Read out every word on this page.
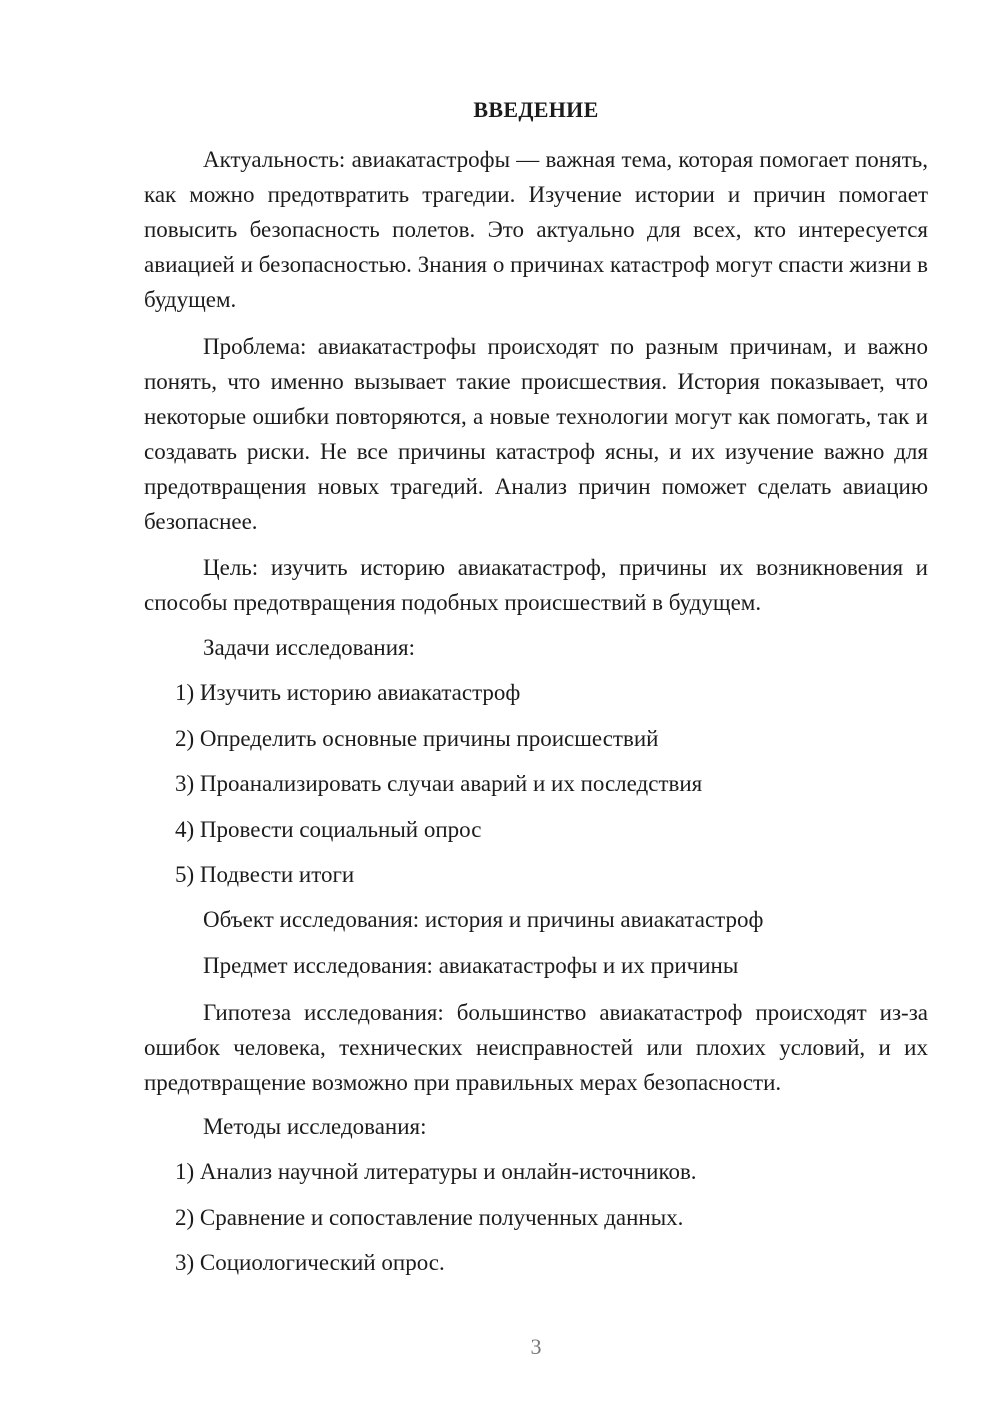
ВВЕДЕНИЕ

Актуальность: авиакатастрофы — важная тема, которая помогает понять, как можно предотвратить трагедии. Изучение истории и причин помогает повысить безопасность полетов. Это актуально для всех, кто интересуется авиацией и безопасностью. Знания о причинах катастроф могут спасти жизни в будущем.

Проблема: авиакатастрофы происходят по разным причинам, и важно понять, что именно вызывает такие происшествия. История показывает, что некоторые ошибки повторяются, а новые технологии могут как помогать, так и создавать риски. Не все причины катастроф ясны, и их изучение важно для предотвращения новых трагедий. Анализ причин поможет сделать авиацию безопаснее.

Цель: изучить историю авиакатастроф, причины их возникновения и способы предотвращения подобных происшествий в будущем.

Задачи исследования:

1) Изучить историю авиакатастроф

2) Определить основные причины происшествий

3) Проанализировать случаи аварий и их последствия

4) Провести социальный опрос

5) Подвести итоги

Объект исследования: история и причины авиакатастроф

Предмет исследования: авиакатастрофы и их причины

Гипотеза исследования: большинство авиакатастроф происходят из-за ошибок человека, технических неисправностей или плохих условий, и их предотвращение возможно при правильных мерах безопасности.

Методы исследования:

1) Анализ научной литературы и онлайн-источников.

2) Сравнение и сопоставление полученных данных.

3) Социологический опрос.

3
